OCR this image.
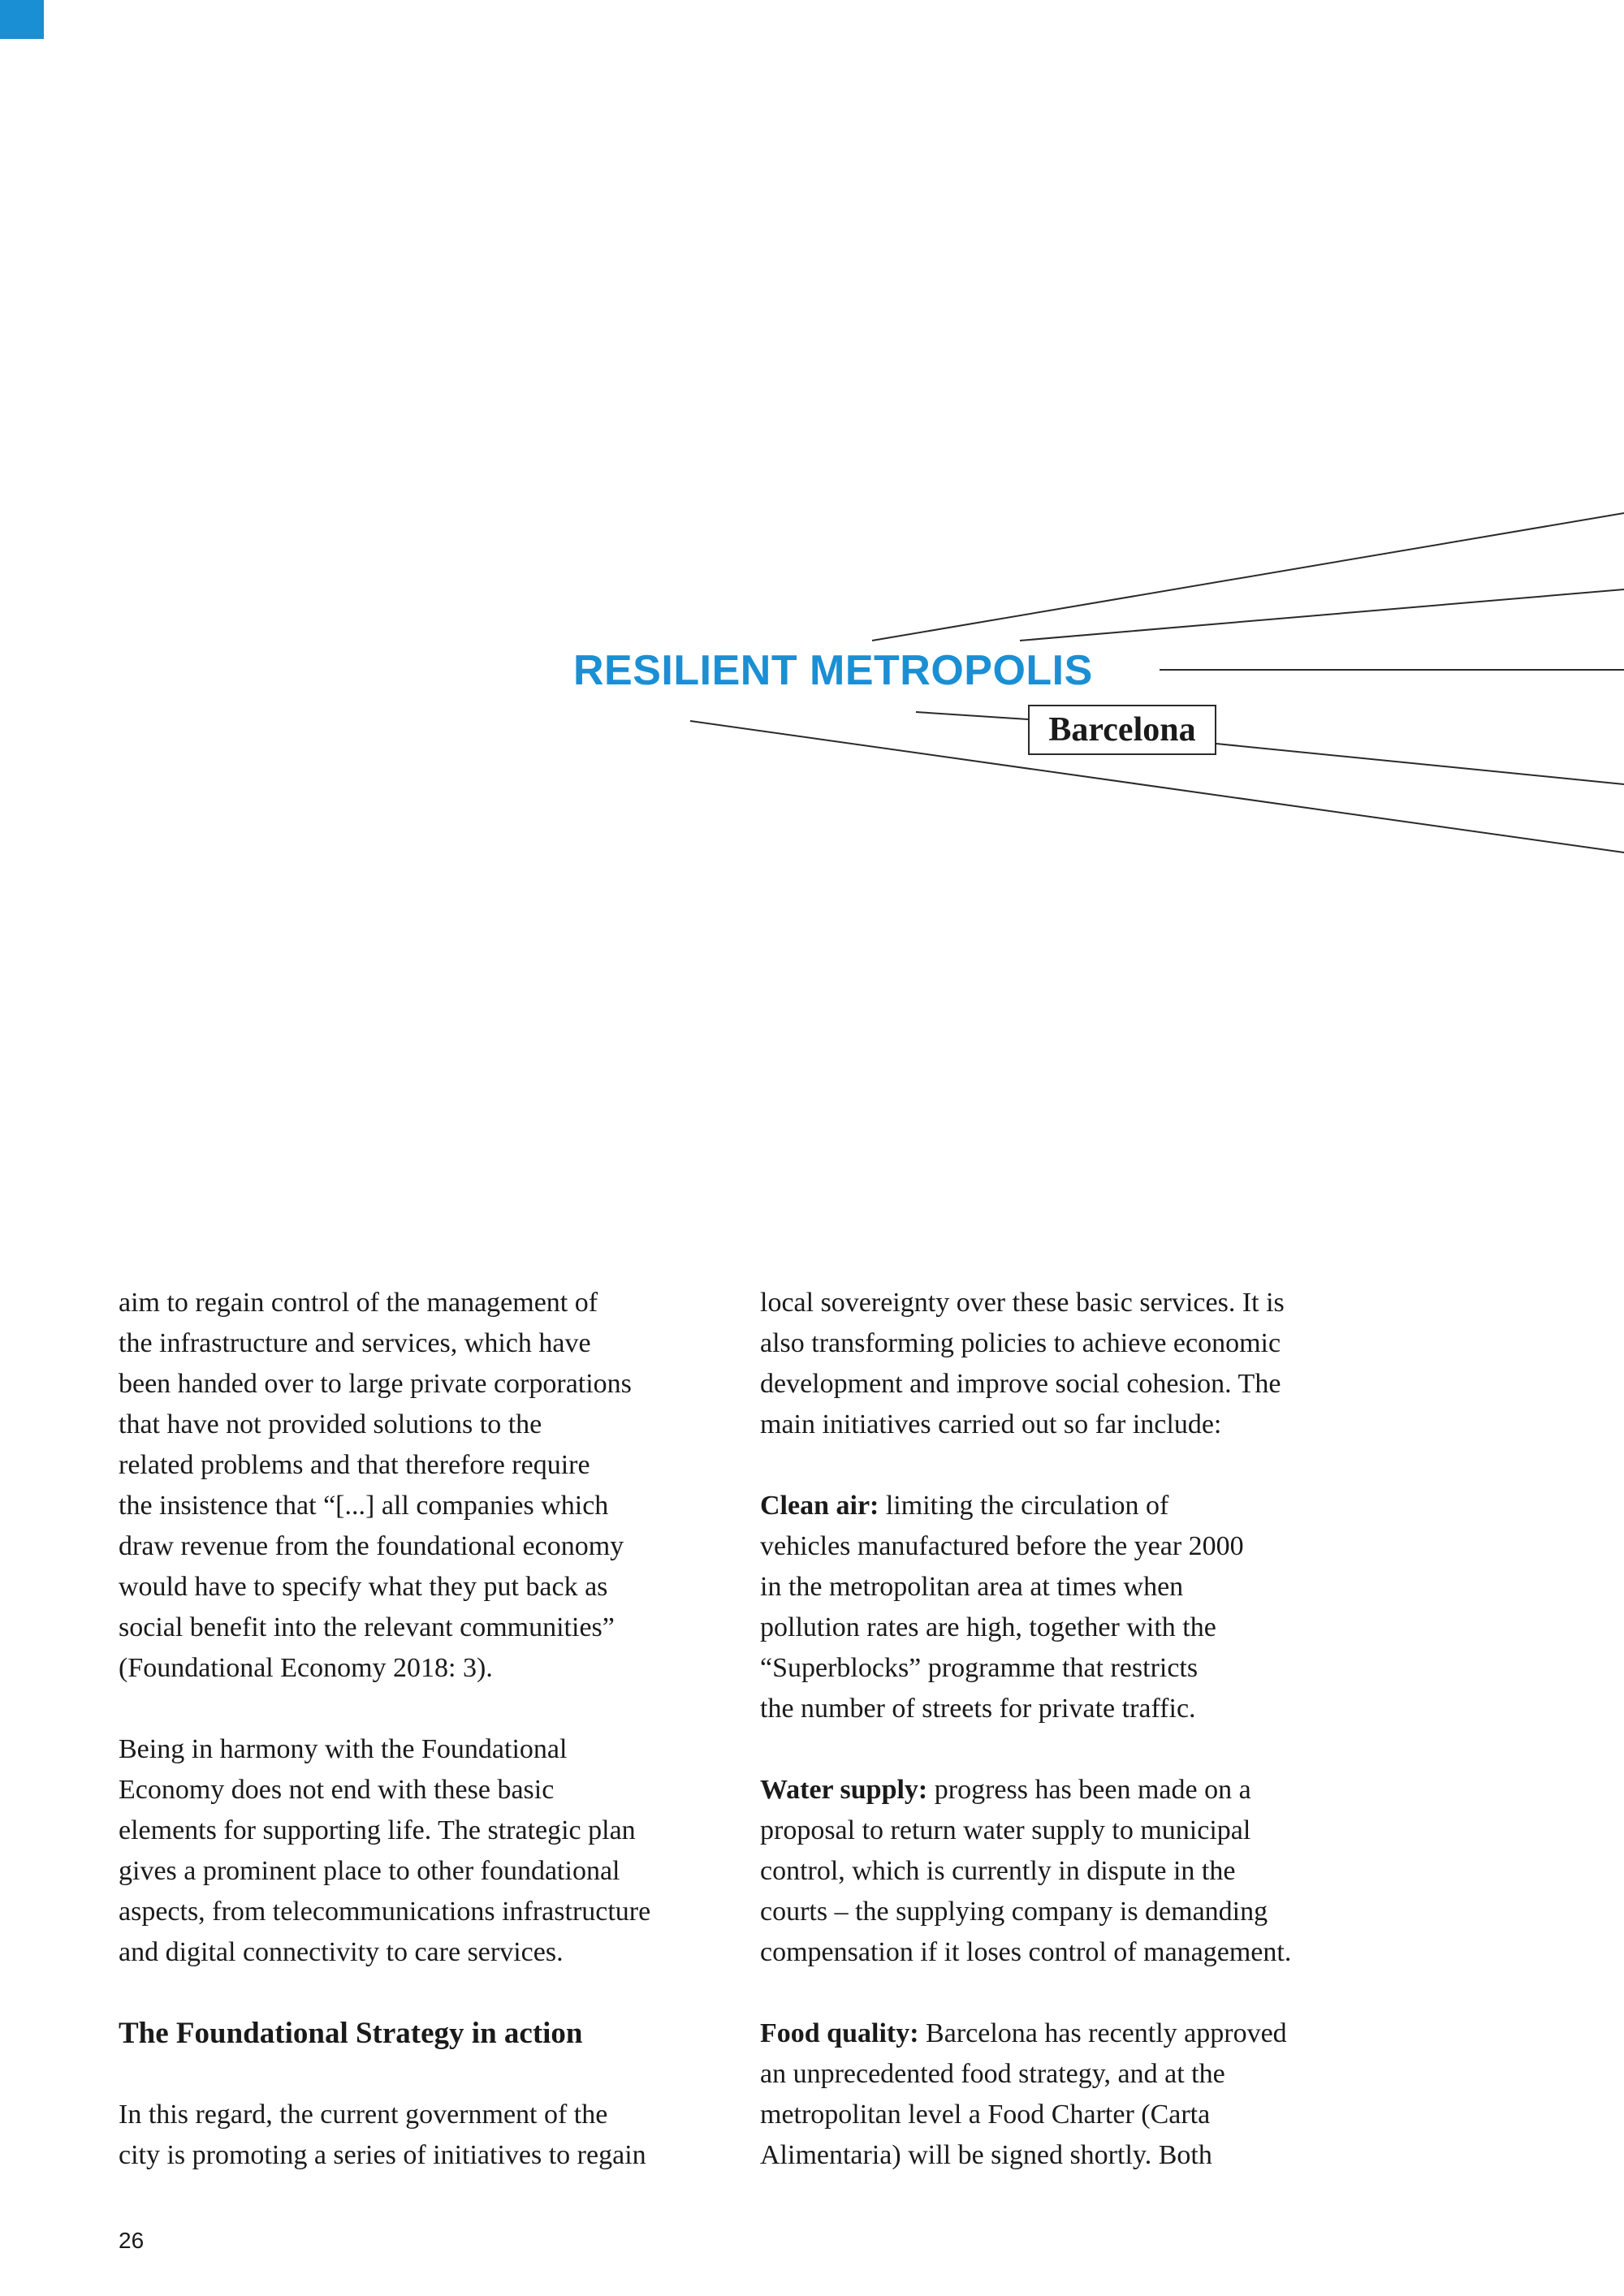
RESILIENT METROPOLIS
Barcelona

aim to regain control of the management of
the infrastructure and services, which have
been handed over to large private corporations
that have not provided solutions to the
related problems and that therefore require
the insistence that “[...] all companies which
draw revenue from the foundational economy
would have to specify what they put back as
social benefit into the relevant communities”
(Foundational Economy 2018: 3).

Being in harmony with the Foundational
Economy does not end with these basic
elements for supporting life. The strategic plan
gives a prominent place to other foundational
aspects, from telecommunications infrastructure
and digital connectivity to care services.

The Foundational Strategy in action

In this regard, the current government of the
city is promoting a series of initiatives to regain

local sovereignty over these basic services. It is
also transforming policies to achieve economic
development and improve social cohesion. The
main initiatives carried out so far include:

Clean air: limiting the circulation of
vehicles manufactured before the year 2000
in the metropolitan area at times when
pollution rates are high, together with the
“Superblocks” programme that restricts
the number of streets for private traffic.

Water supply: progress has been made on a
proposal to return water supply to municipal
control, which is currently in dispute in the
courts – the supplying company is demanding
compensation if it loses control of management.

Food quality: Barcelona has recently approved
an unprecedented food strategy, and at the
metropolitan level a Food Charter (Carta
Alimentaria) will be signed shortly. Both

26
